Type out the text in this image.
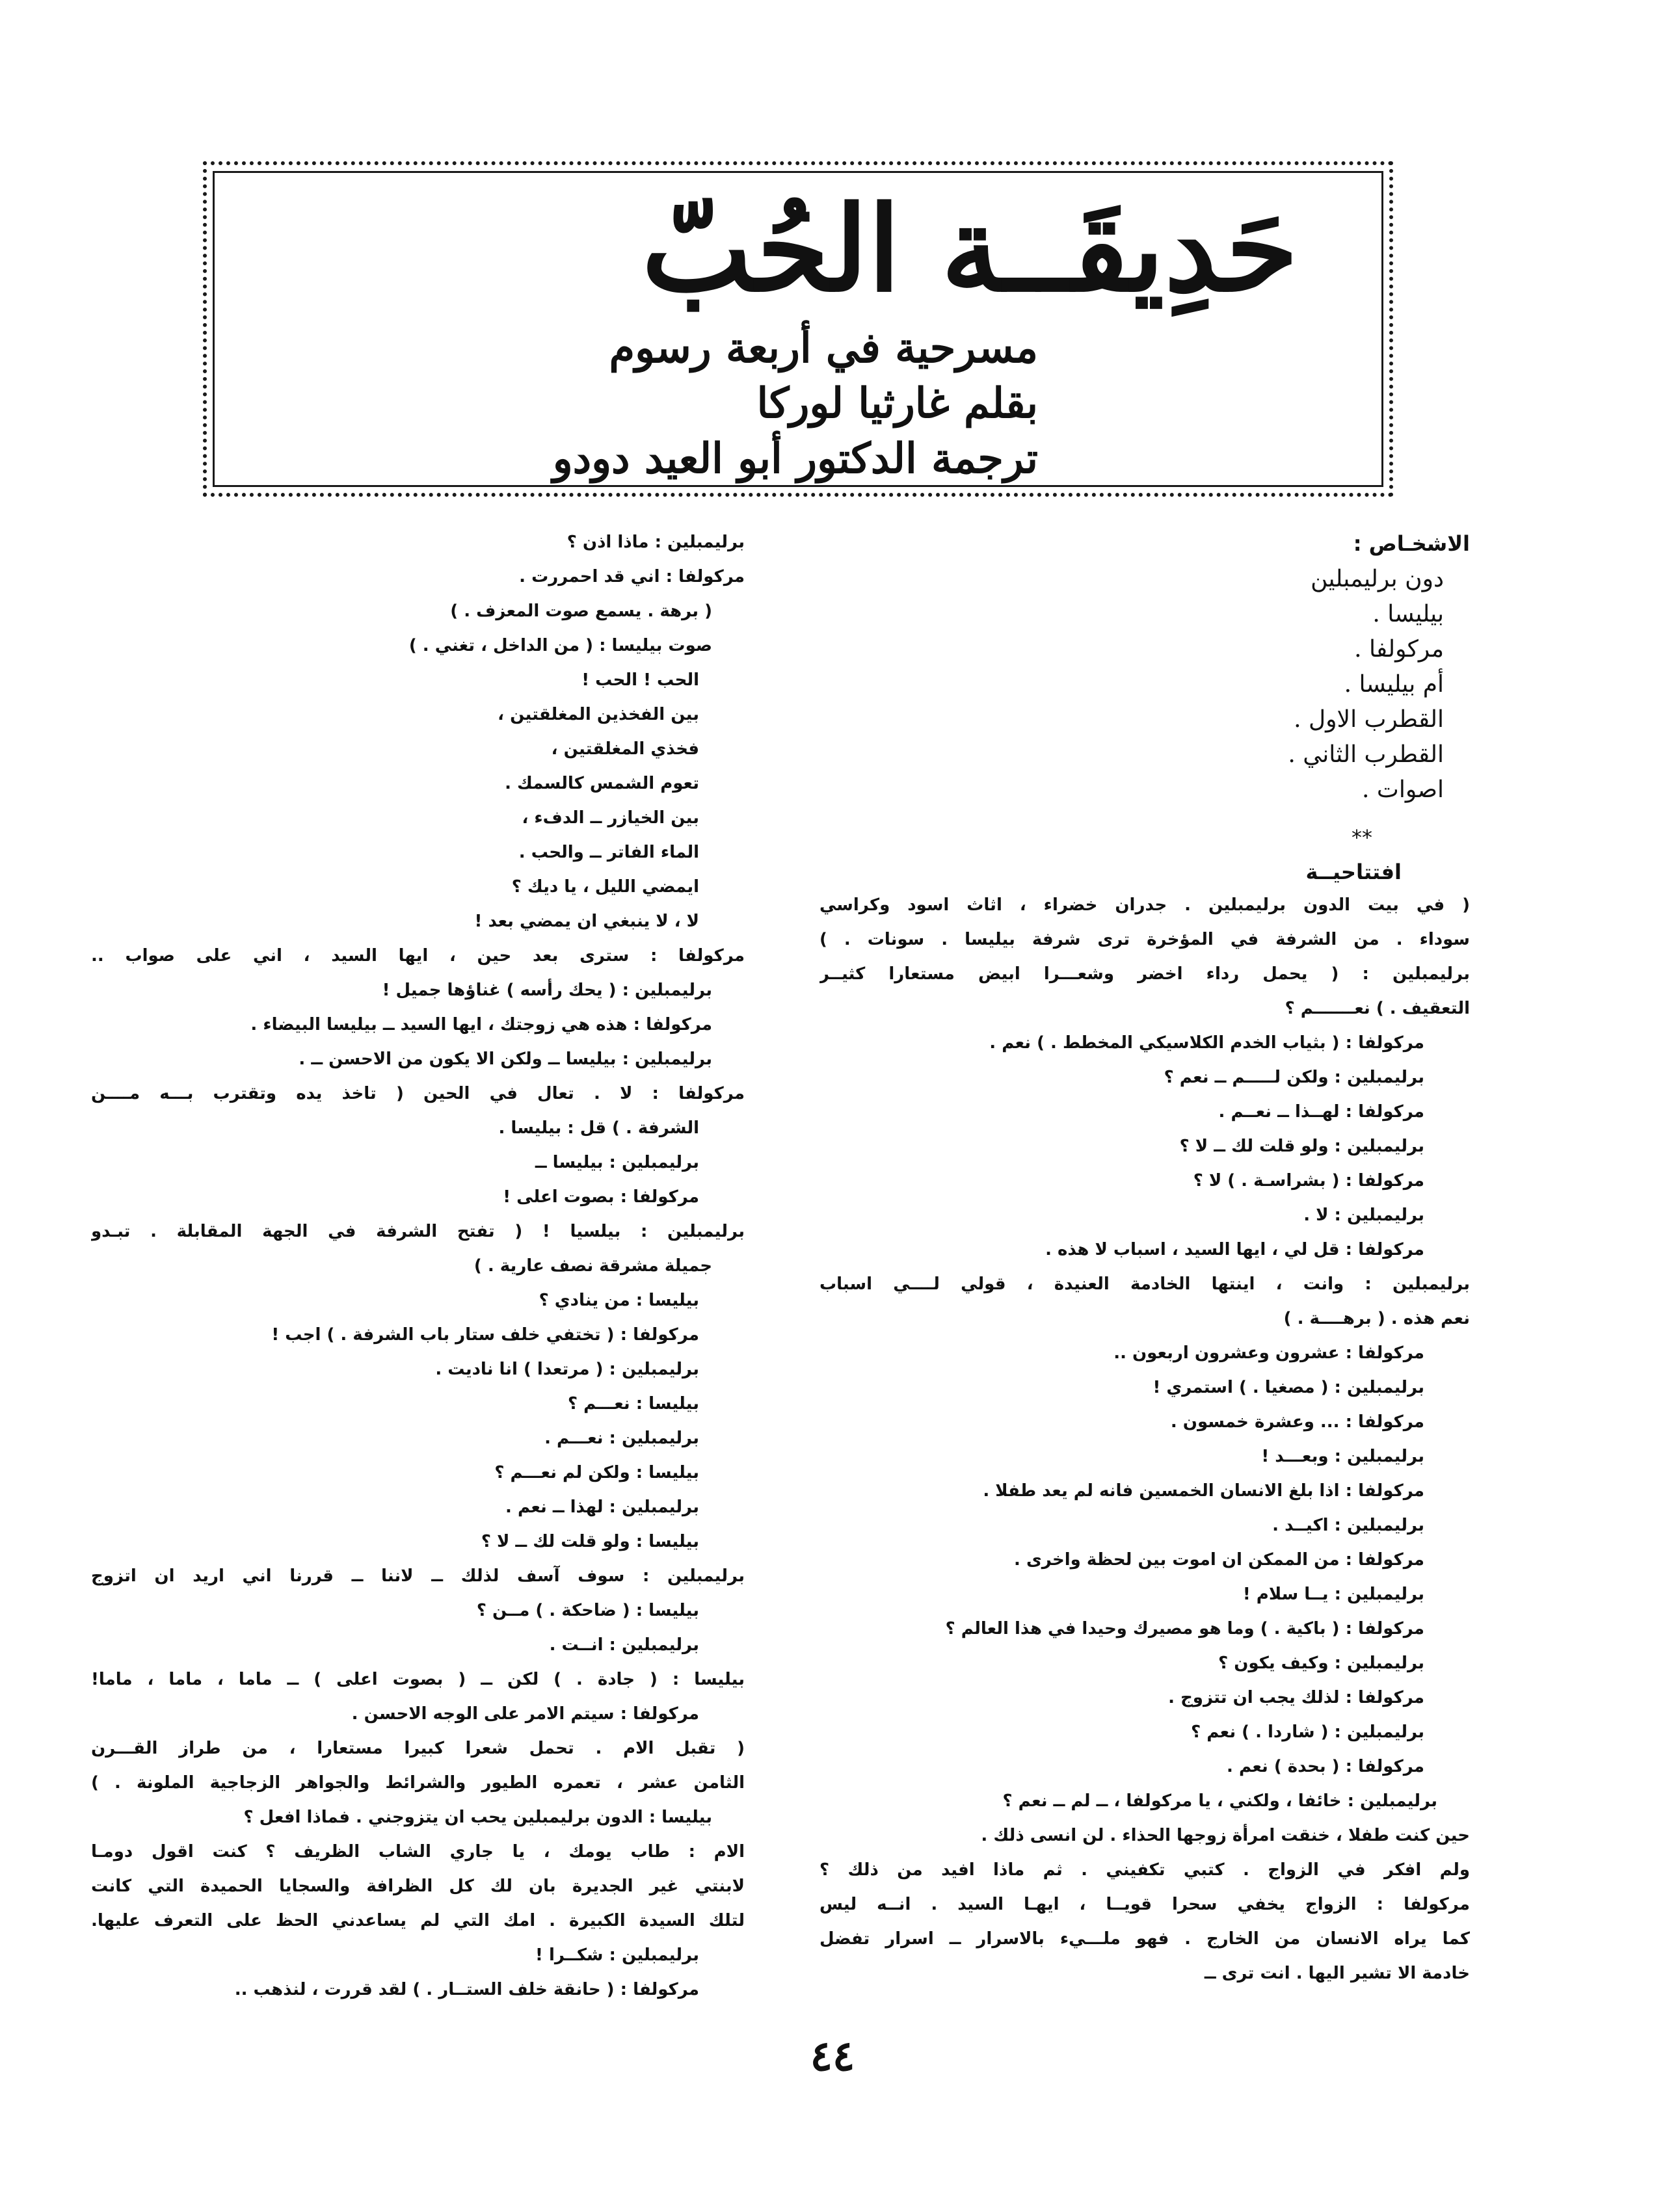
حَدِيقَــة الحُبّ
مسرحية في أربعة رسوم
بقلم غارثيا لوركا
ترجمة الدكتور أبو العيد دودو
الاشخـاص :
دون برليمبلين
بيليسا .
مركولفا .
أم بيليسا .
القطرب الاول .
القطرب الثاني .
اصوات .
**
افتتاحيــة
( في بيت الدون برليمبلين . جدران خضراء ، اثاث اسود وكراسي
سوداء . من الشرفة في المؤخرة ترى شرفة بيليسا . سونات . )
برليمبلين : ( يحمل رداء اخضر وشعـــرا ابيض مستعارا كثيــر
التعقيف . ) نعـــــــم ؟
مركولفا : ( بثياب الخدم الكلاسيكي المخطط . ) نعم .
برليمبلين : ولكن لـــــم ــ نعم ؟
مركولفا : لهــذا ــ نعــم .
برليمبلين : ولو قلت لك ــ لا ؟
مركولفا : ( بشراسـة . ) لا ؟
برليمبلين : لا .
مركولفا : قل لي ، ايها السيد ، اسباب لا هذه .
برليمبلين : وانت ، اينتها الخادمة العنيدة ، قولي لــــي اسباب
نعم هذه . ( برهــــة . )
مركولفا : عشرون وعشرون اربعون ..
برليمبلين : ( مصغيا . ) استمري !
مركولفا : ... وعشرة خمسون .
برليمبلين : وبعـــد !
مركولفا : اذا بلغ الانسان الخمسين فانه لم يعد طفلا .
برليمبلين : اكيــد .
مركولفا : من الممكن ان اموت بين لحظة واخرى .
برليمبلين : يــا سلام !
مركولفا : ( باكية . ) وما هو مصيرك وحيدا في هذا العالم ؟
برليمبلين : وكيف يكون ؟
مركولفا : لذلك يجب ان تتزوج .
برليمبلين : ( شاردا . ) نعم ؟
مركولفا : ( بحدة ) نعم .
برليمبلين : خائفا ، ولكني ، يا مركولفا ، ــ لم ــ نعم ؟
حين كنت طفلا ، خنقت امرأة زوجها الحذاء . لن انسى ذلك .
ولم افكر في الزواج . كتبي تكفيني . ثم ماذا افيد من ذلك ؟
مركولفا : الزواج يخفي سحرا قويــا ، ايهـا السيد . انــه ليس
كما يراه الانسان من الخارج . فهو ملـــيء بالاسرار ــ اسرار تفضل
خادمة الا تشير اليها . انت ترى ــ
برليمبلين : ماذا اذن ؟
مركولفا : اني قد احمررت .
( برهة . يسمع صوت المعزف . )
صوت بيليسا : ( من الداخل ، تغني . )
الحب ! الحب !
بين الفخذين المغلقتين ،
فخذي المغلقتين ،
تعوم الشمس كالسمك .
بين الخيازر ــ الدفء ،
الماء الفاتر ــ والحب .
ايمضي الليل ، يا ديك ؟
لا ، لا ينبغي ان يمضي بعد !
مركولفا : سترى بعد حين ، ايها السيد ، اني على صواب ..
برليمبلين : ( يحك رأسه ) غناؤها جميل !
مركولفا : هذه هي زوجتك ، ايها السيد ــ بيليسا البيضاء .
برليمبلين : بيليسا ــ ولكن الا يكون من الاحسن ــ .
مركولفا : لا . تعال في الحين ( تاخذ يده وتقترب بـــه مــــن
الشرفة . ) قل : بيليسا .
برليمبلين : بيليسا ــ
مركولفا : بصوت اعلى !
برليمبلين : بيلسيا ! ( تفتح الشرفة في الجهة المقابلة . تبـدو
جميلة مشرقة نصف عارية . )
بيليسا : من ينادي ؟
مركولفا : ( تختفي خلف ستار باب الشرفة . ) اجب !
برليمبلين : ( مرتعدا ) انا ناديت .
بيليسا : نعـــم ؟
برليمبلين : نعـــم .
بيليسا : ولكن لم نعـــم ؟
برليمبلين : لهذا ــ نعم .
بيليسا : ولو قلت لك ــ لا ؟
برليمبلين : سوف آسف لذلك ــ لاننا ــ قررنا اني اريد ان اتزوج
بيليسا : ( ضاحكة . ) مــن ؟
برليمبلين : انــت .
بيليسا : ( جادة . ) لكن ــ ( بصوت اعلى ) ــ ماما ، ماما ، ماما!
مركولفا : سيتم الامر على الوجه الاحسن .
( تقبل الام . تحمل شعرا كبيرا مستعارا ، من طراز القـــرن
الثامن عشر ، تعمره الطيور والشرائط والجواهر الزجاجية الملونة . )
بيليسا : الدون برليمبلين يحب ان يتزوجني . فماذا افعل ؟
الام : طاب يومك ، يا جاري الشاب الظريف ؟ كنت اقول دومـا
لابنتي غير الجديرة بان لك كل الظرافة والسجايا الحميدة التي كانت
لتلك السيدة الكبيرة . امك التي لم يساعدني الحظ على التعرف عليها.
برليمبلين : شكــرا !
مركولفا : ( حانقة خلف الستــار . ) لقد قررت ، لنذهب ..
٤٤
